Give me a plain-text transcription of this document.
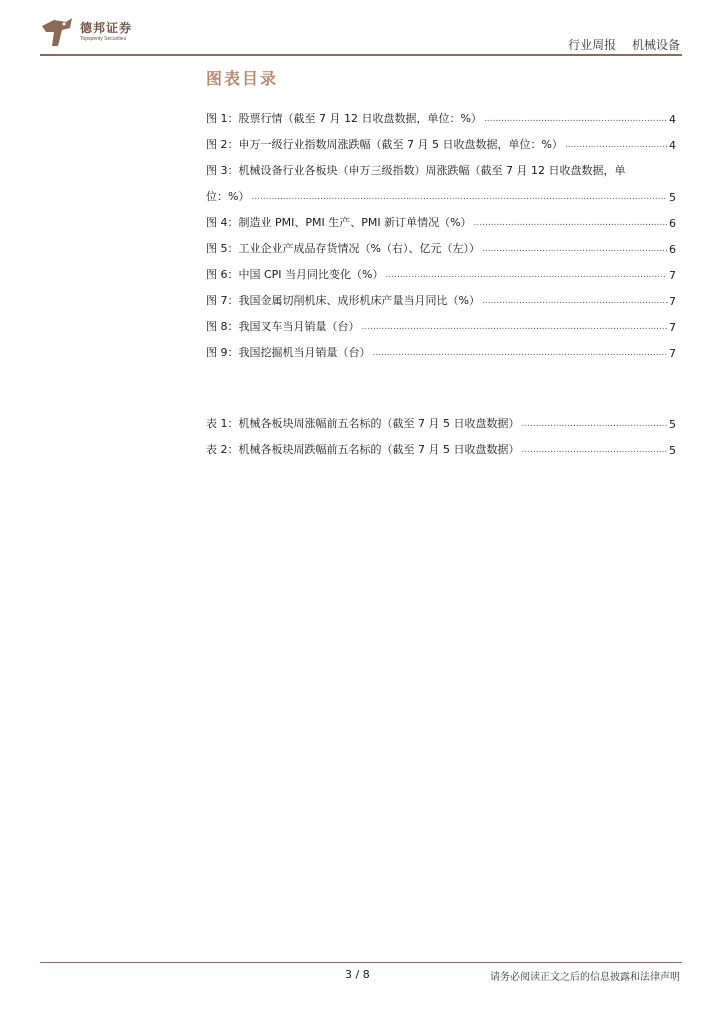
德邦证券
Topsperity Securities	行业周报 机械设备
图表目录
图 1：股票行情（截至 7 月 12 日收盘数据，单位：%） .....	4
图 2：申万一级行业指数周涨跌幅（截至 7 月 5 日收盘数据，单位：%） .....	4
图 3：机械设备行业各板块（申万三级指数）周涨跌幅（截至 7 月 12 日收盘数据，单
位：%） .....	5
图 4：制造业 PMI、PMI 生产、PMI 新订单情况（%） .....	6
图 5：工业企业产成品存货情况（%（右）、亿元（左）） .....	6
图 6：中国 CPI 当月同比变化（%） .....	7
图 7：我国金属切削机床、成形机床产量当月同比（%） .....	7
图 8：我国叉车当月销量（台） .....	7
图 9：我国挖掘机当月销量（台） .....	7
表 1：机械各板块周涨幅前五名标的（截至 7 月 5 日收盘数据） .....	5
表 2：机械各板块周跌幅前五名标的（截至 7 月 5 日收盘数据） .....	5
3 / 8	请务必阅读正文之后的信息披露和法律声明
